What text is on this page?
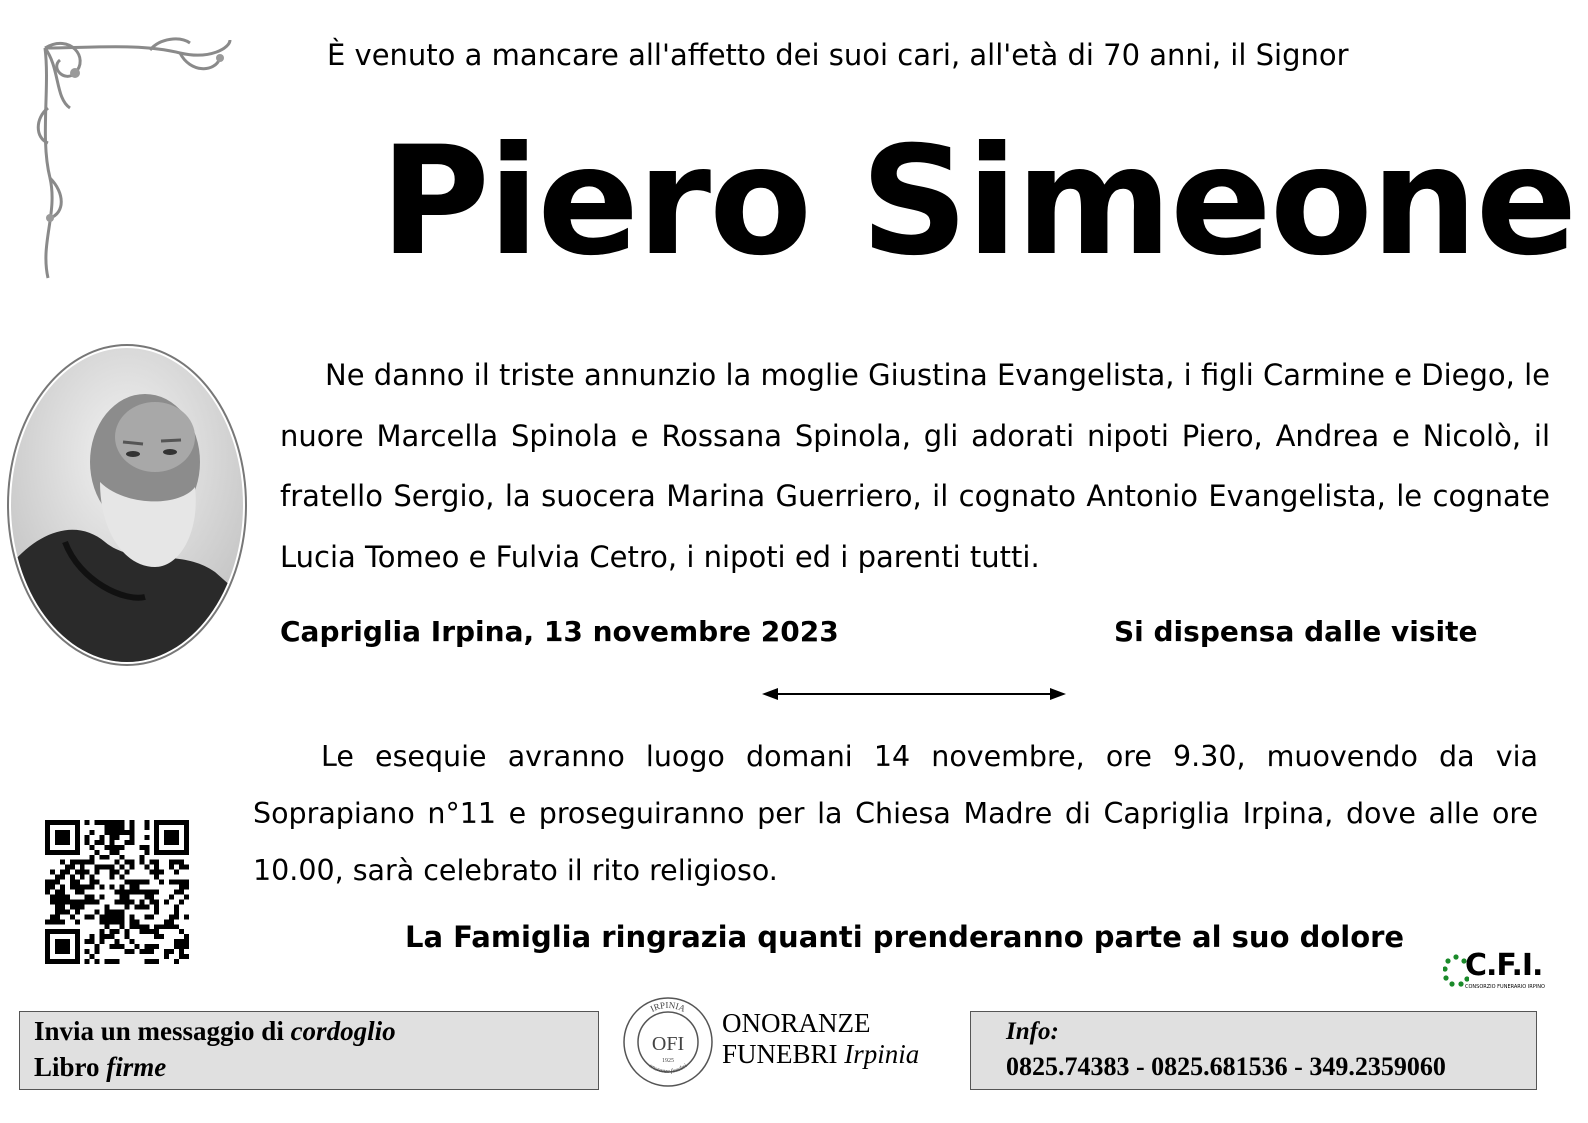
È venuto a mancare all'affetto dei suoi cari, all'età di 70 anni, il Signor
Piero Simeone
Ne danno il triste annunzio la moglie Giustina Evangelista, i figli Carmine e Diego, le nuore Marcella Spinola e Rossana Spinola, gli adorati nipoti Piero, Andrea e Nicolò, il fratello Sergio, la suocera Marina Guerriero, il cognato Antonio Evangelista, le cognate Lucia Tomeo e Fulvia Cetro, i nipoti ed i parenti tutti.
Capriglia Irpina, 13 novembre 2023	Si dispensa dalle visite
Le esequie avranno luogo domani 14 novembre, ore 9.30, muovendo da via Soprapiano n°11 e proseguiranno per la Chiesa Madre di Capriglia Irpina, dove alle ore 10.00, sarà celebrato il rito religioso.
La Famiglia ringrazia quanti prenderanno parte al suo dolore
C.F.I.
CONSORZIO FUNERARIO IRPINO
Invia un messaggio di cordoglio
Libro firme
IRPINIA
onoranze funebri
OFI
1925
ONORANZE
FUNEBRI Irpinia
Info:
0825.74383 - 0825.681536 - 349.2359060
